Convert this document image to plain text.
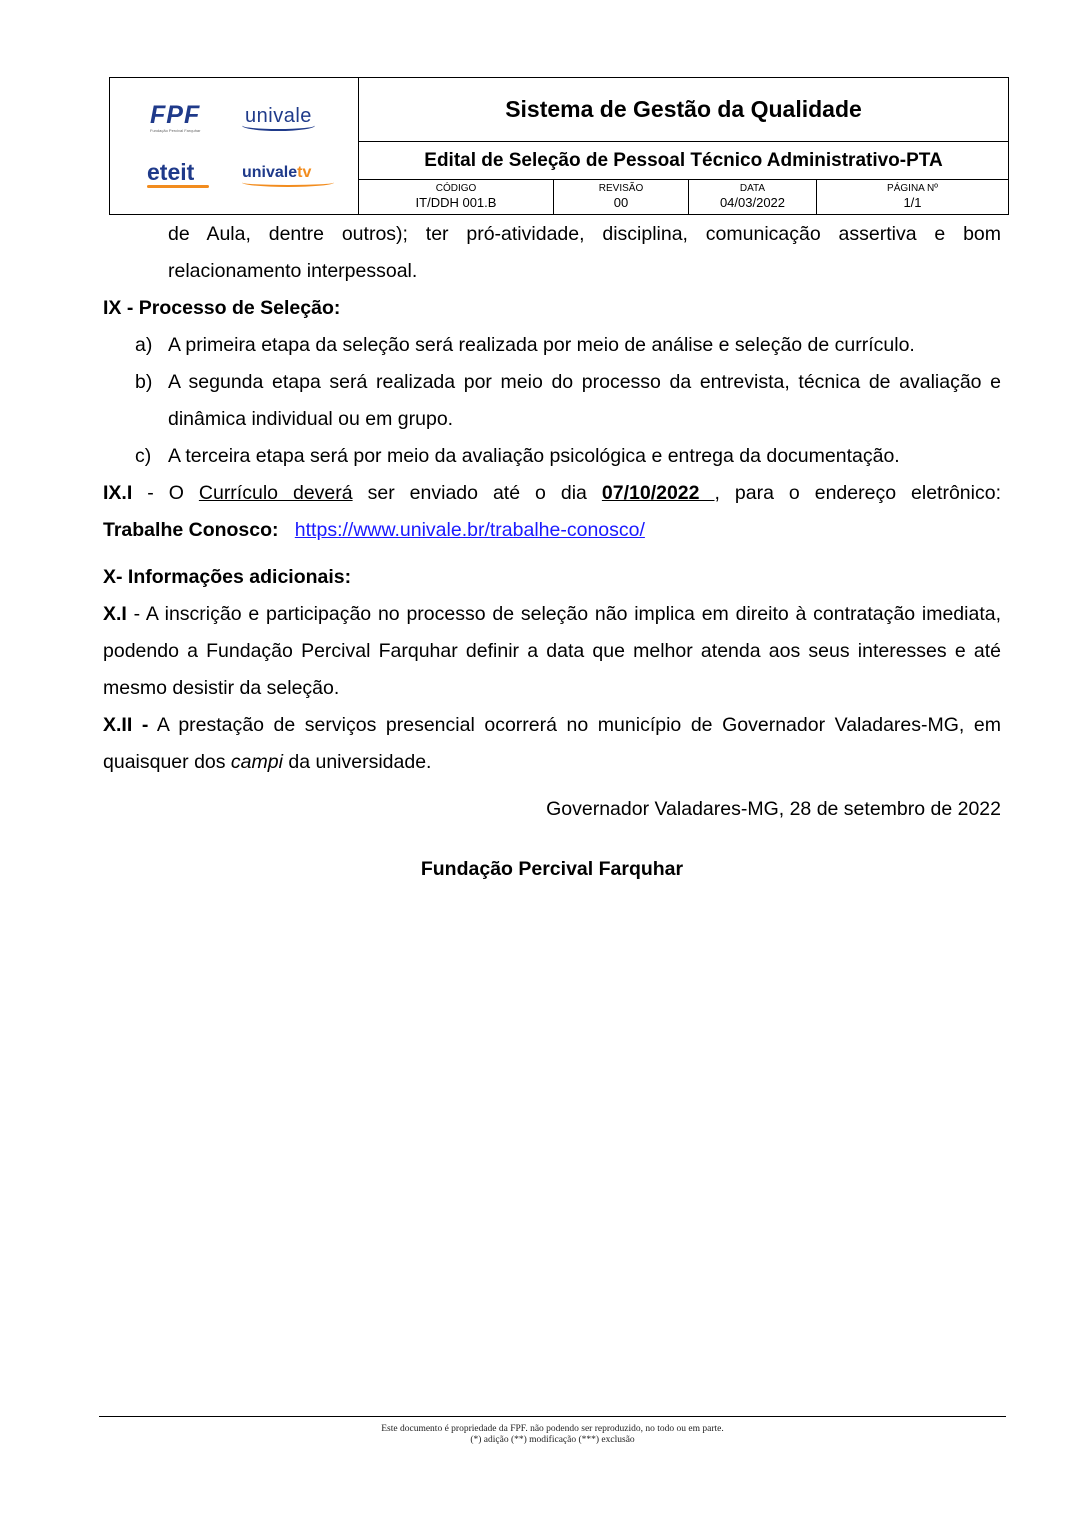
FPF
Fundação Percival Farquhar
univale
eteit	univaletv
Sistema de Gestão da Qualidade
Edital de Seleção de Pessoal Técnico Administrativo-PTA
CÓDIGO
IT/DDH 001.B
REVISÃO
00
DATA
04/03/2022
PÁGINA Nº
1/1

de Aula, dentre outros); ter pró-atividade, disciplina, comunicação assertiva e bom

relacionamento interpessoal.

IX - Processo de Seleção:

a) A primeira etapa da seleção será realizada por meio de análise e seleção de currículo.
b) A segunda etapa será realizada por meio do processo da entrevista, técnica de avaliação e dinâmica individual ou em grupo.
c) A terceira etapa será por meio da avaliação psicológica e entrega da documentação.

IX.I - O Currículo deverá ser enviado até o dia 07/10/2022 , para o endereço eletrônico:

Trabalhe Conosco: https://www.univale.br/trabalhe-conosco/

X- Informações adicionais:

X.I - A inscrição e participação no processo de seleção não implica em direito à contratação imediata, podendo a Fundação Percival Farquhar definir a data que melhor atenda aos seus interesses e até mesmo desistir da seleção.

X.II - A prestação de serviços presencial ocorrerá no município de Governador Valadares-MG, em quaisquer dos campi da universidade.

Governador Valadares-MG, 28 de setembro de 2022

Fundação Percival Farquhar

Este documento é propriedade da FPF. não podendo ser reproduzido, no todo ou em parte.
(*) adição (**) modificação (***) exclusão
